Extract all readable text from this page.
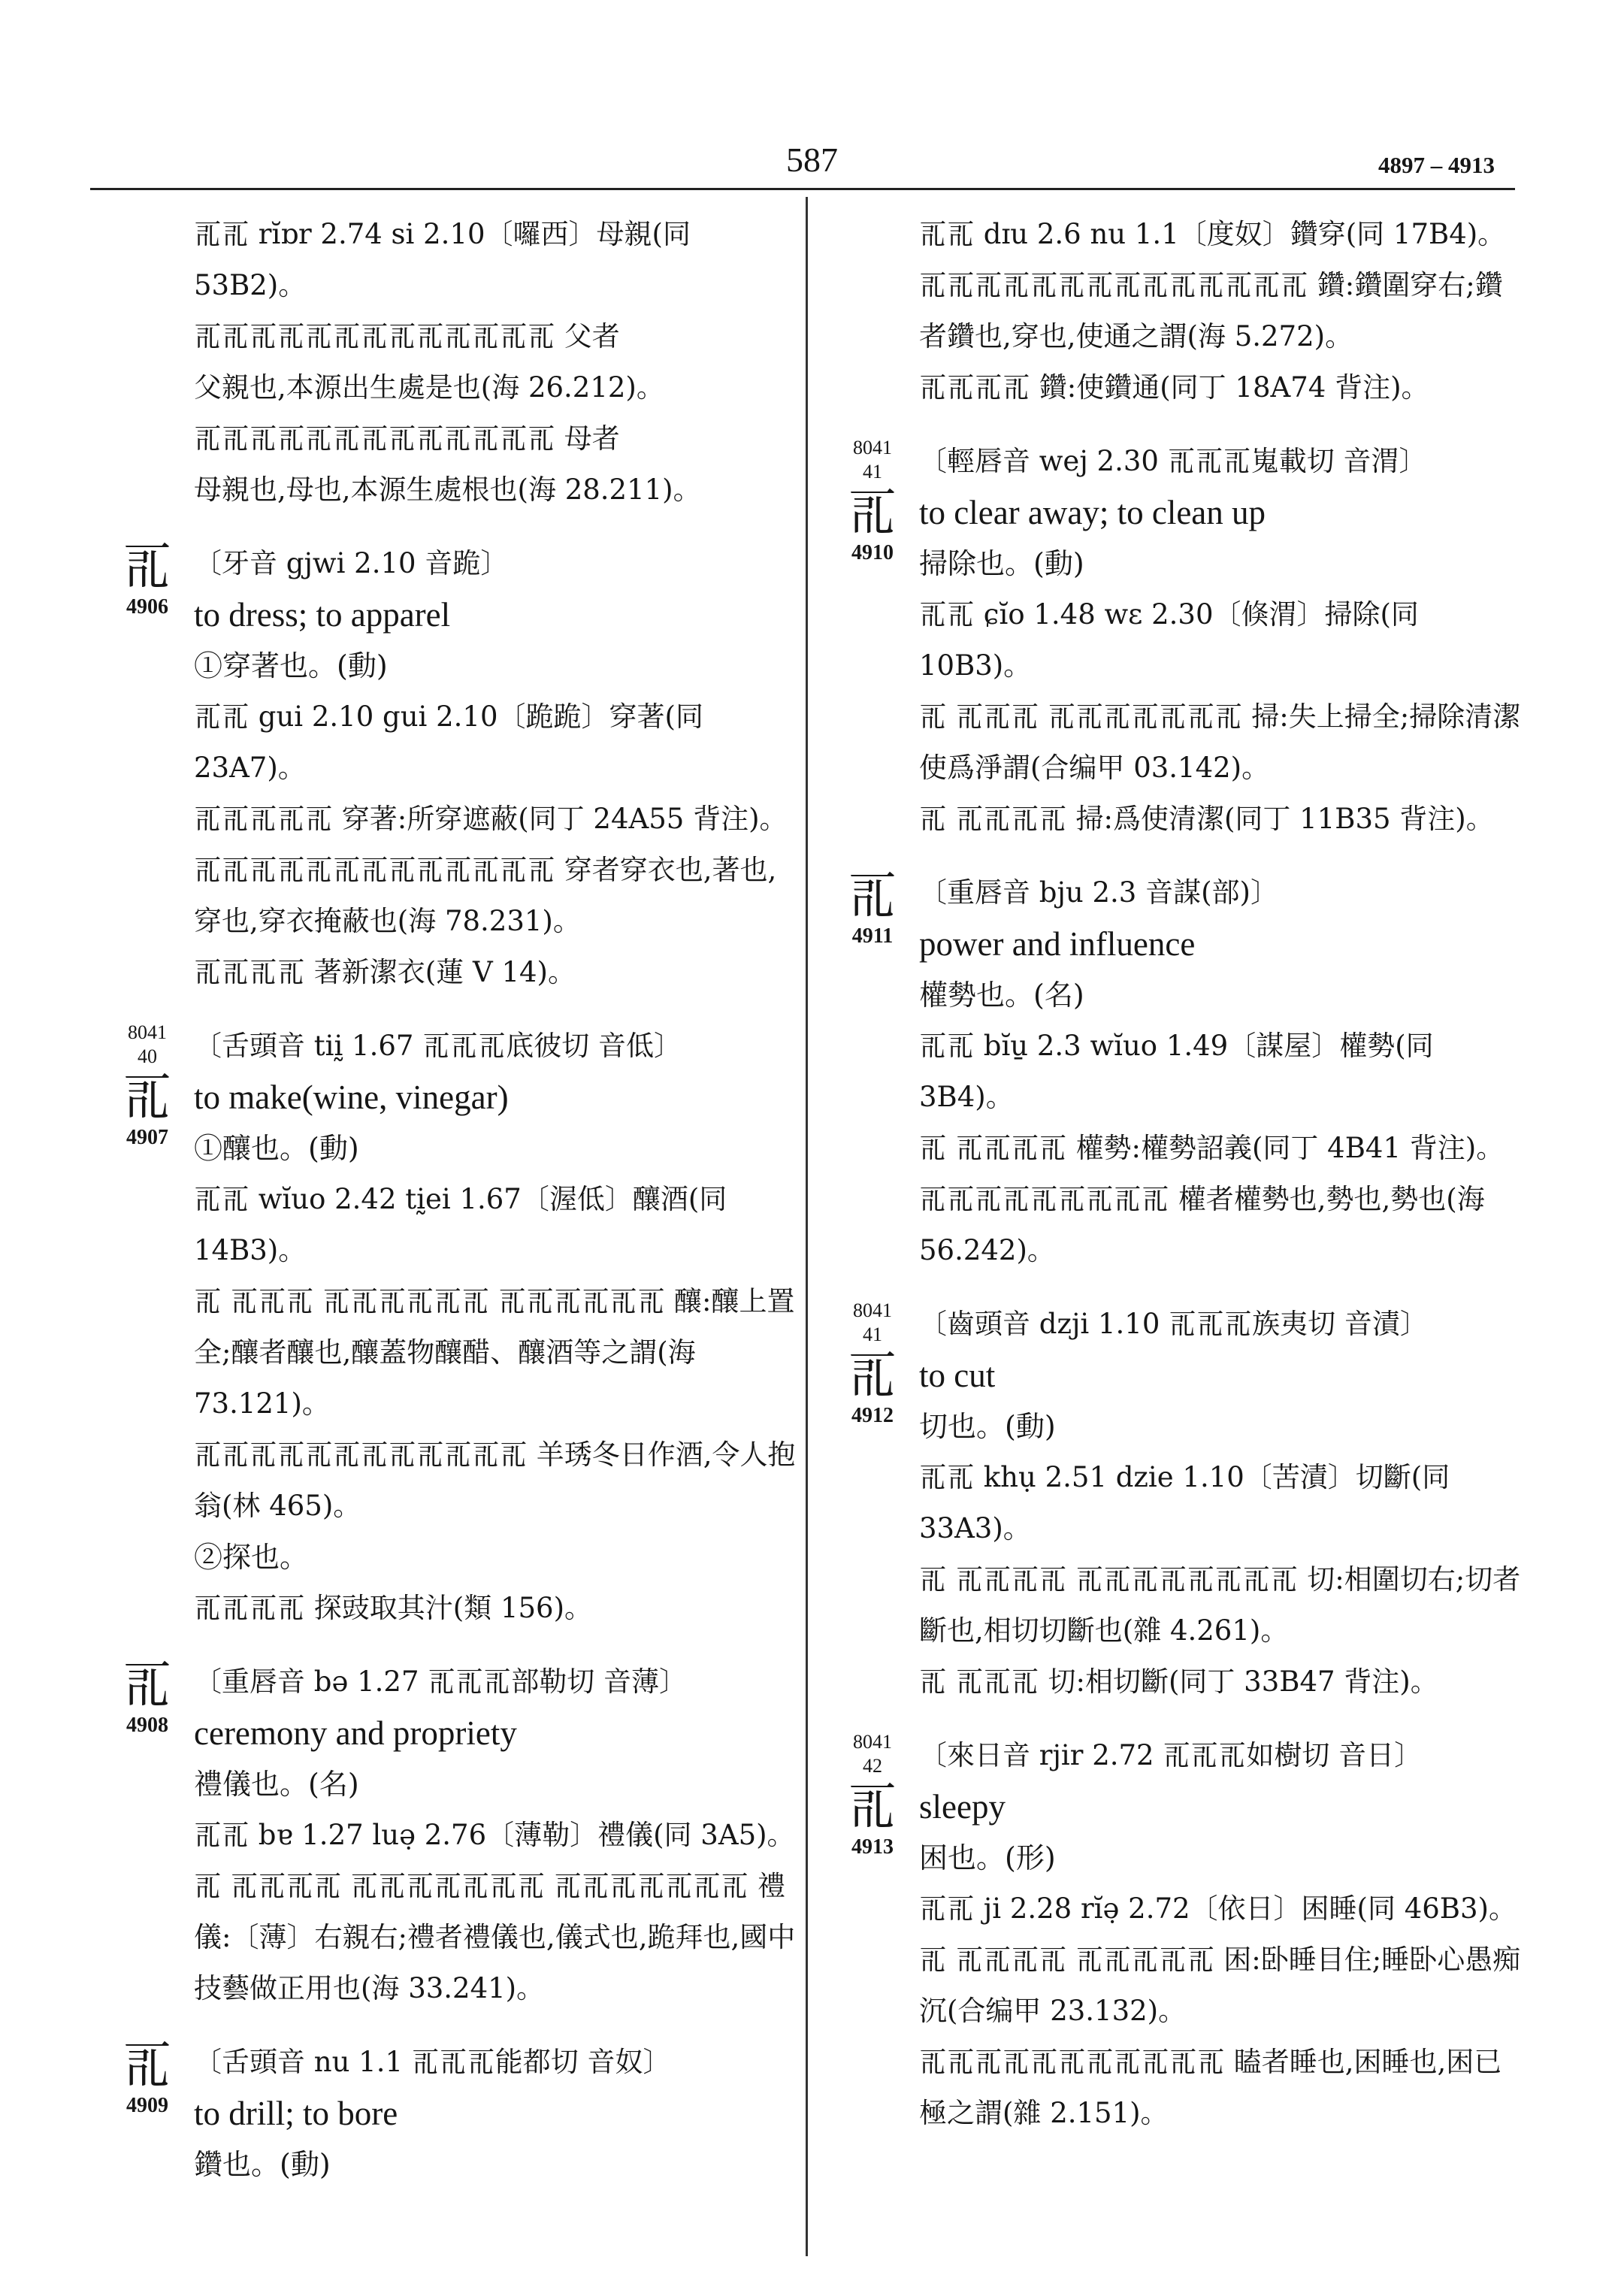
587	4897 – 4913
𗀀𗀀 rĭɒr 2.74 si 2.10〔囉西〕母親(同 53B2)。
𗀀𗀀𗀀𗀀𗀀𗀀𗀀𗀀𗀀𗀀𗀀𗀀𗀀 父者
父親也,本源出生處是也(海 26.212)。
𗀀𗀀𗀀𗀀𗀀𗀀𗀀𗀀𗀀𗀀𗀀𗀀𗀀 母者
母親也,母也,本源生處根也(海 28.211)。
𗀀
4906
〔牙音 gjwi 2.10 音跪〕
to dress; to apparel
①穿著也。(動)
𗀀𗀀 gui 2.10 gui 2.10〔跪跪〕穿著(同23A7)。
𗀀𗀀𗀀𗀀𗀀 穿著:所穿遮蔽(同丁 24A55 背注)。
𗀀𗀀𗀀𗀀𗀀𗀀𗀀𗀀𗀀𗀀𗀀𗀀𗀀 穿者穿衣也,著也,穿也,穿衣掩蔽也(海 78.231)。
𗀀𗀀𗀀𗀀 著新潔衣(蓮 V 14)。
8041
40
𗀀
4907
〔舌頭音 tiḭ 1.67 𗀀𗀀𗀀底彼切 音低〕
to make(wine, vinegar)
①釀也。(動)
𗀀𗀀 wĭuo 2.42 tḭei 1.67〔渥低〕釀酒(同 14B3)。
𗀀 𗀀𗀀𗀀 𗀀𗀀𗀀𗀀𗀀𗀀 𗀀𗀀𗀀𗀀𗀀𗀀 釀:釀上置全;釀者釀也,釀蓋物釀醋、釀酒等之謂(海 73.121)。
𗀀𗀀𗀀𗀀𗀀𗀀𗀀𗀀𗀀𗀀𗀀𗀀 羊琇冬日作酒,令人抱翁(林 465)。
②探也。
𗀀𗀀𗀀𗀀 探豉取其汁(類 156)。
𗀀
4908
〔重唇音 bə 1.27 𗀀𗀀𗀀部勒切 音薄〕
ceremony and propriety
禮儀也。(名)
𗀀𗀀 bɐ 1.27 luə̣ 2.76〔薄勒〕禮儀(同 3A5)。
𗀀 𗀀𗀀𗀀𗀀 𗀀𗀀𗀀𗀀𗀀𗀀𗀀 𗀀𗀀𗀀𗀀𗀀𗀀𗀀 禮儀:〔薄〕右親右;禮者禮儀也,儀式也,跪拜也,國中技藝做正用也(海 33.241)。
𗀀
4909
〔舌頭音 nu 1.1 𗀀𗀀𗀀能都切 音奴〕
to drill; to bore
鑽也。(動)
𗀀𗀀 dɪu 2.6 nu 1.1〔度奴〕鑽穿(同 17B4)。
𗀀𗀀𗀀𗀀𗀀𗀀𗀀𗀀𗀀𗀀𗀀𗀀𗀀𗀀 鑽:鑽圍穿右;鑽者鑽也,穿也,使通之謂(海 5.272)。
𗀀𗀀𗀀𗀀 鑽:使鑽通(同丁 18A74 背注)。
8041
41
𗀀
4910
〔輕唇音 wej 2.30 𗀀𗀀𗀀嵬載切 音渭〕
to clear away; to clean up
掃除也。(動)
𗀀𗀀 ɕĭo 1.48 wɛ 2.30〔倏渭〕掃除(同 10B3)。
𗀀 𗀀𗀀𗀀 𗀀𗀀𗀀𗀀𗀀𗀀𗀀 掃:失上掃全;掃除清潔使爲淨謂(合编甲 03.142)。
𗀀 𗀀𗀀𗀀𗀀 掃:爲使清潔(同丁 11B35 背注)。
𗀀
4911
〔重唇音 bju 2.3 音謀(部)〕
power and influence
權勢也。(名)
𗀀𗀀 bĭu̱ 2.3 wĭuo 1.49〔謀屋〕權勢(同 3B4)。
𗀀 𗀀𗀀𗀀𗀀 權勢:權勢詔義(同丁 4B41 背注)。
𗀀𗀀𗀀𗀀𗀀𗀀𗀀𗀀𗀀 權者權勢也,勢也,勢也(海 56.242)。
8041
41
𗀀
4912
〔齒頭音 dzji 1.10 𗀀𗀀𗀀族夷切 音漬〕
to cut
切也。(動)
𗀀𗀀 khụ 2.51 dzie 1.10〔苦漬〕切斷(同 33A3)。
𗀀 𗀀𗀀𗀀𗀀 𗀀𗀀𗀀𗀀𗀀𗀀𗀀𗀀 切:相圍切右;切者斷也,相切切斷也(雜 4.261)。
𗀀 𗀀𗀀𗀀 切:相切斷(同丁 33B47 背注)。
8041
42
𗀀
4913
〔來日音 rjir 2.72 𗀀𗀀𗀀如樹切 音日〕
sleepy
困也。(形)
𗀀𗀀 ji 2.28 rĭə̣ 2.72〔依日〕困睡(同 46B3)。
𗀀 𗀀𗀀𗀀𗀀 𗀀𗀀𗀀𗀀𗀀 困:卧睡目住;睡卧心愚痴沉(合编甲 23.132)。
𗀀𗀀𗀀𗀀𗀀𗀀𗀀𗀀𗀀𗀀𗀀 瞌者睡也,困睡也,困已極之謂(雜 2.151)。
